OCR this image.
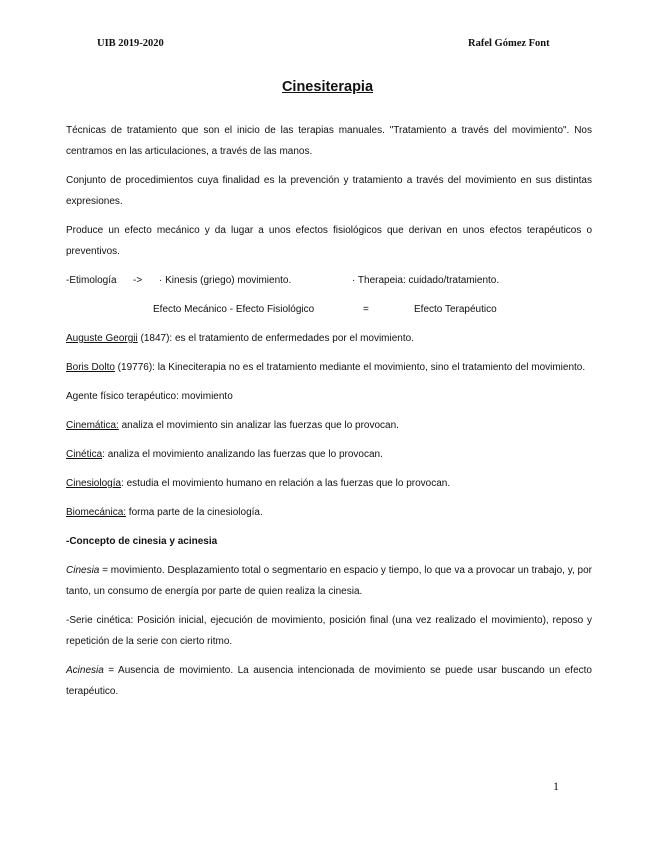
UIB 2019-2020	Rafel Gómez Font
Cinesiterapia

Técnicas de tratamiento que son el inicio de las terapias manuales. "Tratamiento a través del movimiento". Nos centramos en las articulaciones, a través de las manos.

Conjunto de procedimientos cuya finalidad es la prevención y tratamiento a través del movimiento en sus distintas expresiones.

Produce un efecto mecánico y da lugar a unos efectos fisiológicos que derivan en unos efectos terapéuticos o preventivos.

-Etimología -> · Kinesis (griego) movimiento.	· Therapeia: cuidado/tratamiento.
Efecto Mecánico - Efecto Fisiológico	=	Efecto Terapéutico

Auguste Georgii (1847): es el tratamiento de enfermedades por el movimiento.

Boris Dolto (19776): la Kineciterapia no es el tratamiento mediante el movimiento, sino el tratamiento del movimiento.

Agente físico terapéutico: movimiento

Cinemática: analiza el movimiento sin analizar las fuerzas que lo provocan.

Cinética: analiza el movimiento analizando las fuerzas que lo provocan.

Cinesiología: estudia el movimiento humano en relación a las fuerzas que lo provocan.

Biomecánica: forma parte de la cinesiología.

-Concepto de cinesia y acinesia

Cinesia = movimiento. Desplazamiento total o segmentario en espacio y tiempo, lo que va a provocar un trabajo, y, por tanto, un consumo de energía por parte de quien realiza la cinesia.

-Serie cinética: Posición inicial, ejecución de movimiento, posición final (una vez realizado el movimiento), reposo y repetición de la serie con cierto ritmo.

Acinesia = Ausencia de movimiento. La ausencia intencionada de movimiento se puede usar buscando un efecto terapéutico.

1
